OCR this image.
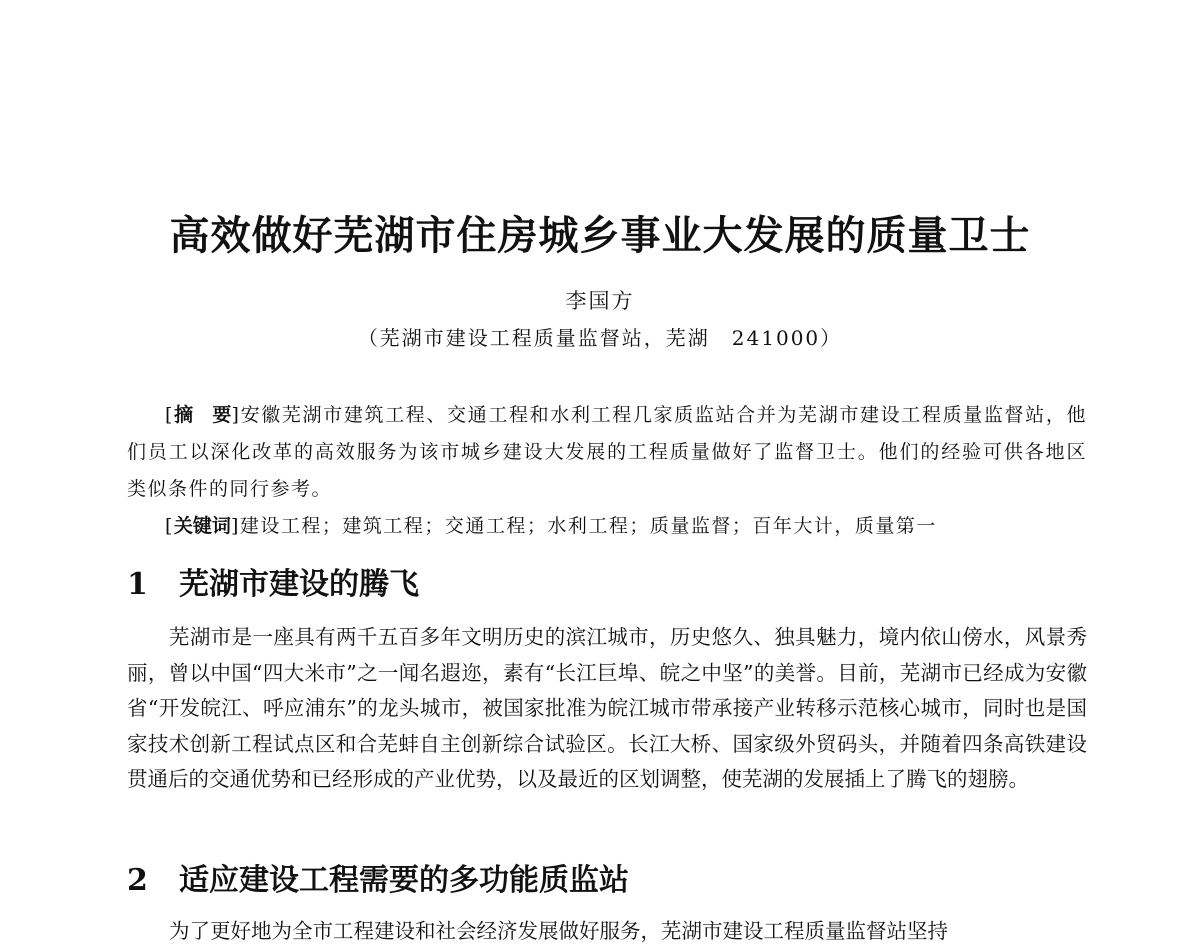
高效做好芜湖市住房城乡事业大发展的质量卫士
李国方
（芜湖市建设工程质量监督站，芜湖　241000）
[摘　要]安徽芜湖市建筑工程、交通工程和水利工程几家质监站合并为芜湖市建设工程质量监督站，他们员工以深化改革的高效服务为该市城乡建设大发展的工程质量做好了监督卫士。他们的经验可供各地区类似条件的同行参考。
[关键词]建设工程；建筑工程；交通工程；水利工程；质量监督；百年大计，质量第一
1 芜湖市建设的腾飞
芜湖市是一座具有两千五百多年文明历史的滨江城市，历史悠久、独具魅力，境内依山傍水，风景秀丽，曾以中国“四大米市”之一闻名遐迩，素有“长江巨埠、皖之中坚”的美誉。目前，芜湖市已经成为安徽省“开发皖江、呼应浦东”的龙头城市，被国家批准为皖江城市带承接产业转移示范核心城市，同时也是国家技术创新工程试点区和合芜蚌自主创新综合试验区。长江大桥、国家级外贸码头，并随着四条高铁建设贯通后的交通优势和已经形成的产业优势，以及最近的区划调整，使芜湖的发展插上了腾飞的翅膀。
2 适应建设工程需要的多功能质监站
为了更好地为全市工程建设和社会经济发展做好服务，芜湖市建设工程质量监督站坚持
